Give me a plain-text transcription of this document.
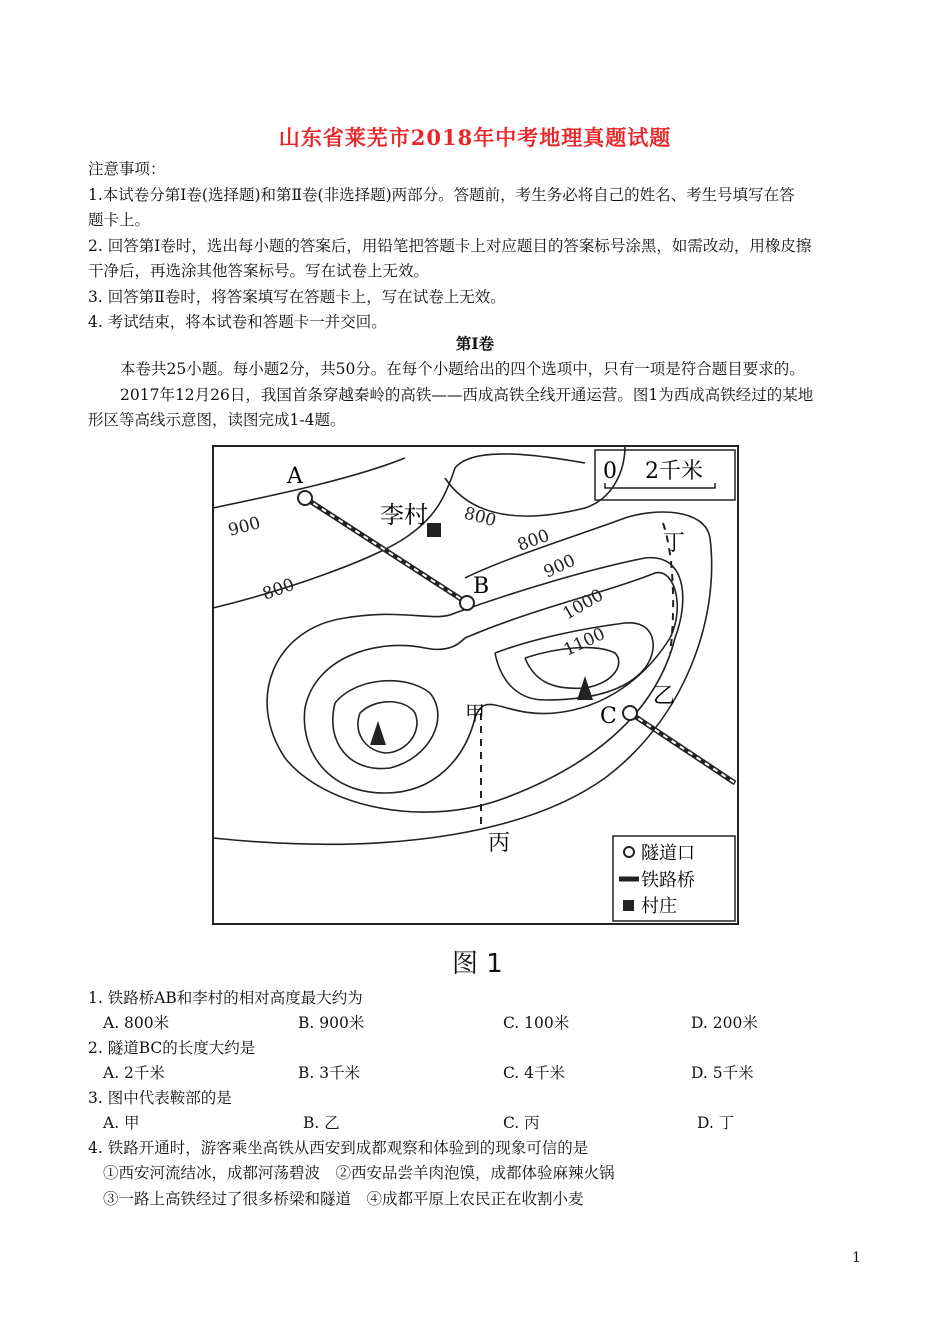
山东省莱芜市2018年中考地理真题试题
注意事项：
1.本试卷分第Ⅰ卷(选择题)和第Ⅱ卷(非选择题)两部分。答题前，考生务必将自己的姓名、考生号填写在答
题卡上。
2. 回答第Ⅰ卷时，选出每小题的答案后，用铅笔把答题卡上对应题目的答案标号涂黑，如需改动，用橡皮擦
干净后，再选涂其他答案标号。写在试卷上无效。
3. 回答第Ⅱ卷时，将答案填写在答题卡上，写在试卷上无效。
4. 考试结束，将本试卷和答题卡一并交回。
第Ⅰ卷
本卷共25小题。每小题2分，共50分。在每个小题给出的四个选项中，只有一项是符合题目要求的。
2017年12月26日，我国首条穿越秦岭的高铁——西成高铁全线开通运营。图1为西成高铁经过的某地
形区等高线示意图，读图完成1-4题。
0 2千米
A
B
C
李村
甲
乙
丙
丁
900
800
800
800
900
1000
1100
隧道口
铁路桥
村庄
图 1
1. 铁路桥AB和李村的相对高度最大约为
A. 800米	B. 900米	C. 100米	D. 200米
2. 隧道BC的长度大约是
A. 2千米	B. 3千米	C. 4千米	D. 5千米
3. 图中代表鞍部的是
A. 甲	B. 乙	C. 丙	D. 丁
4. 铁路开通时，游客乘坐高铁从西安到成都观察和体验到的现象可信的是
①西安河流结冰，成都河荡碧波　②西安品尝羊肉泡馍，成都体验麻辣火锅
③一路上高铁经过了很多桥梁和隧道　④成都平原上农民正在收割小麦
1
